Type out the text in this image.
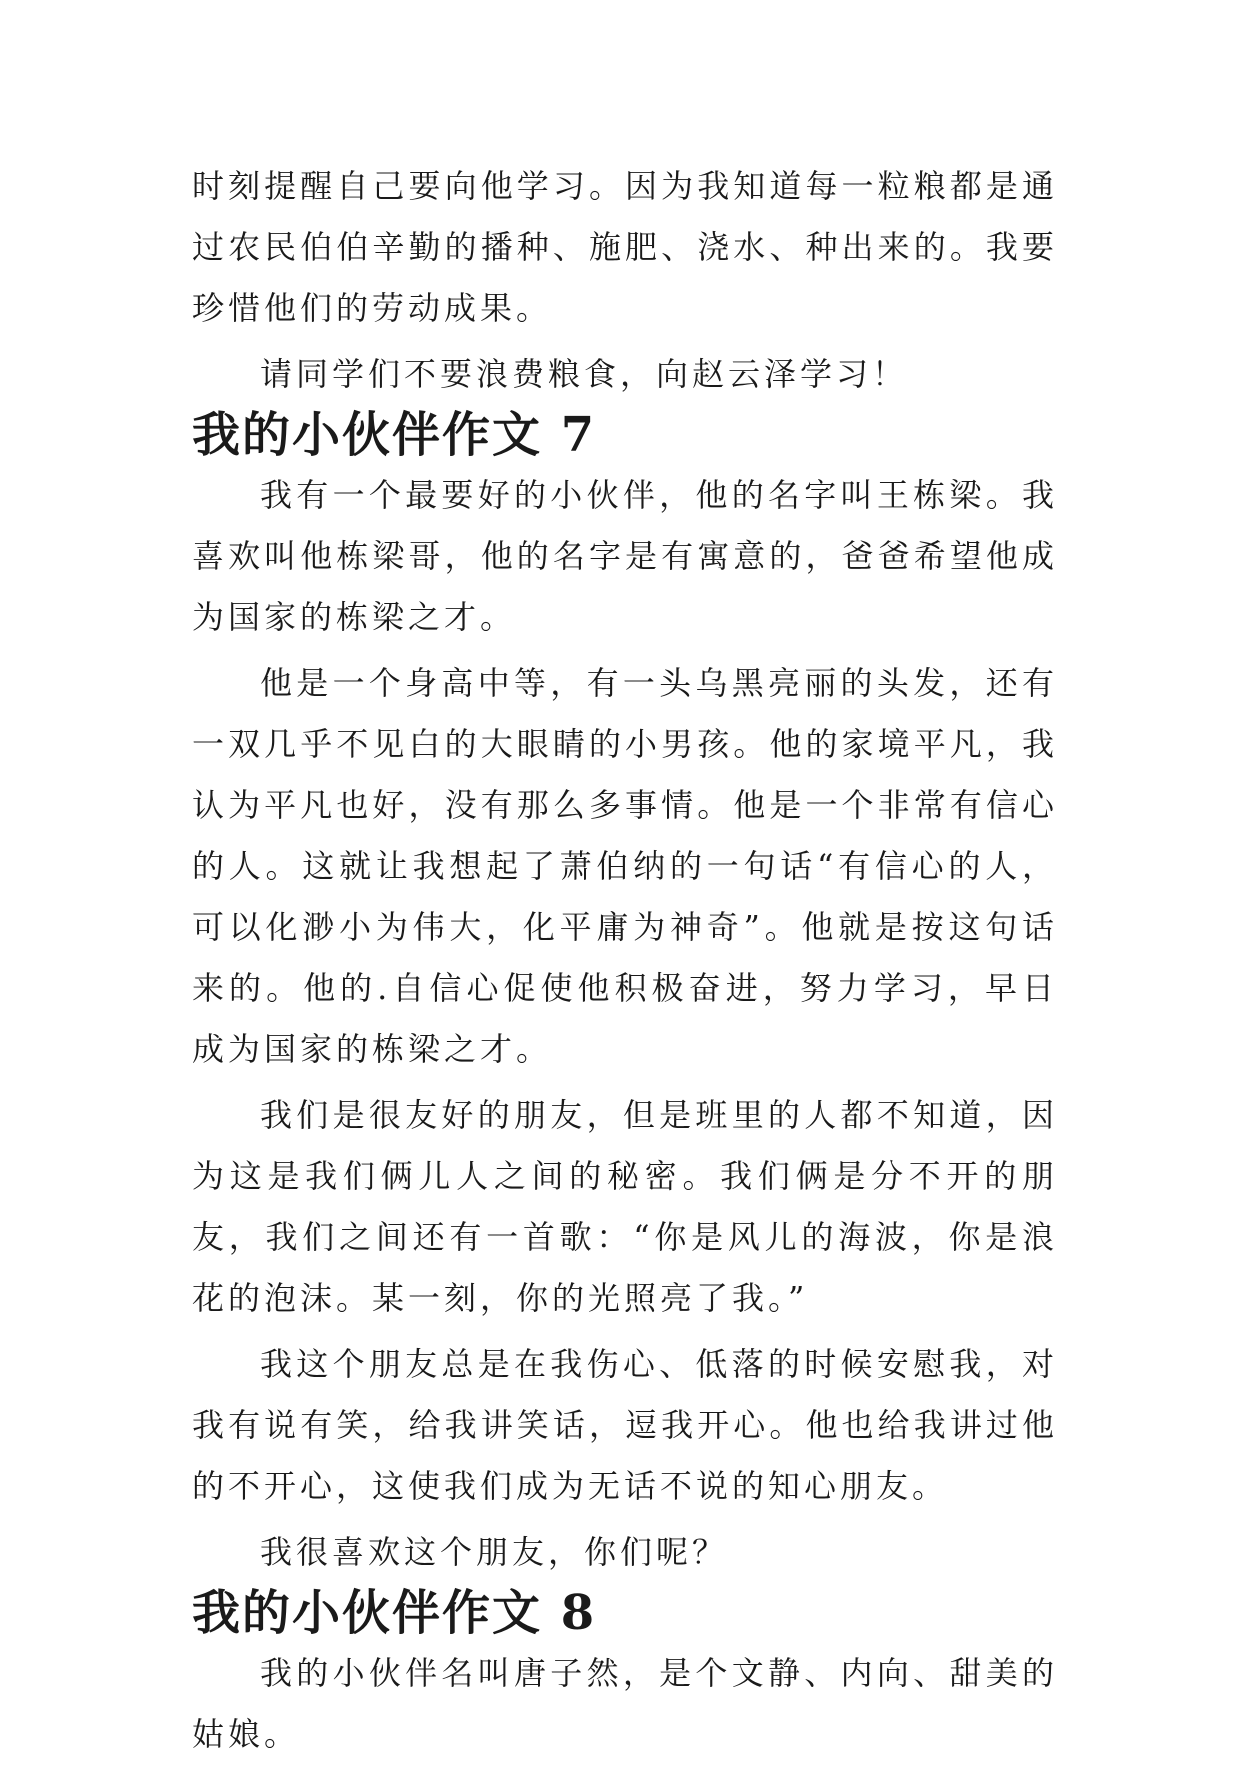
时刻提醒自己要向他学习。因为我知道每一粒粮都是通过农民伯伯辛勤的播种、施肥、浇水、种出来的。我要珍惜他们的劳动成果。

请同学们不要浪费粮食，向赵云泽学习！

我的小伙伴作文 7

我有一个最要好的小伙伴，他的名字叫王栋梁。我喜欢叫他栋梁哥，他的名字是有寓意的，爸爸希望他成为国家的栋梁之才。

他是一个身高中等，有一头乌黑亮丽的头发，还有一双几乎不见白的大眼睛的小男孩。他的家境平凡，我认为平凡也好，没有那么多事情。他是一个非常有信心的人。这就让我想起了萧伯纳的一句话“有信心的人，可以化渺小为伟大，化平庸为神奇”。他就是按这句话来的。他的.自信心促使他积极奋进，努力学习，早日成为国家的栋梁之才。

我们是很友好的朋友，但是班里的人都不知道，因为这是我们俩儿人之间的秘密。我们俩是分不开的朋友，我们之间还有一首歌：“你是风儿的海波，你是浪花的泡沫。某一刻，你的光照亮了我。”

我这个朋友总是在我伤心、低落的时候安慰我，对我有说有笑，给我讲笑话，逗我开心。他也给我讲过他的不开心，这使我们成为无话不说的知心朋友。

我很喜欢这个朋友，你们呢？

我的小伙伴作文 8

我的小伙伴名叫唐子然，是个文静、内向、甜美的姑娘。
